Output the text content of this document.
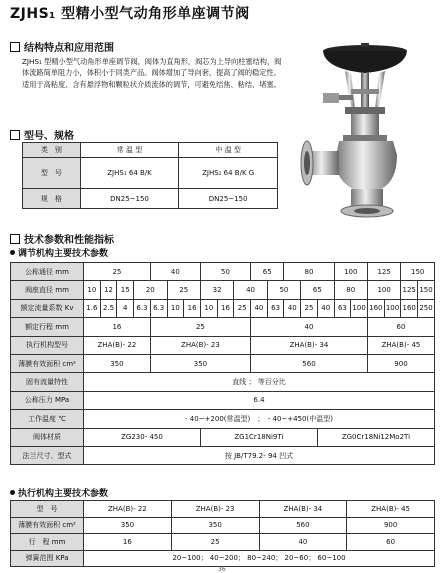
ZJHS₁ 型精小型气动角形单座调节阀
结构特点和应用范围

ZJHS₁ 型精小型气动角形单座调节阀，阀体为直角形，阀芯为上导向柱塞结构，阀体流路简单阻力小，体积小于同类产品。阀体增加了导向套，提高了阀的稳定性。适用于高粘度、含有悬浮物和颗粒状介质流体的调节，可避免结焦、粘结、堵塞。

型号、规格
类　别	常 温 型	中 温 型
型　号	ZJHS₁ 64 B/K	ZJHS₁ 64 B/K G
规　格	DN25~150	DN25~150
技术参数和性能指标
调节机构主要技术参数
公称通径 mm	25				40			50			65		80			100		125		150	
阀座直径 mm	10	12	15	20		25		32		40		50		65		80		100		125	150
额定流量系数 Kv	1.6	2.5	4	6.3	6.3	10	16	10	16	25	40	63	40	25	40	63	100	160	100	160	250
额定行程 mm	16				25						40							60			
执行机构型号	ZHA(B)- 22				ZHA(B)- 23						ZHA(B)- 34							ZHA(B)- 45			
薄膜有效面积 cm²	350				350						560							900			
固有流量特性	直线 ； 等百分比																				
公称压力 MPa	6.4																				
工作温度 ℃	- 40~+200(常温型)　；　- 40~+450(中温型)																				
阀体材质	ZG230- 450							ZG1Cr18Ni9Ti							ZG0Cr18Ni12Mo2Ti						
法兰尺寸、型式	按 JB/T79.2- 94 凹式																				
执行机构主要技术参数
型　号	ZHA(B)- 22	ZHA(B)- 23	ZHA(B)- 34	ZHA(B)- 45
薄膜有效面积 cm²	350	350	560	900
行　程 mm	16	25	40	60
弹簧范围 KPa	20~100； 40~200； 80~240； 20~60； 60~100			
36
